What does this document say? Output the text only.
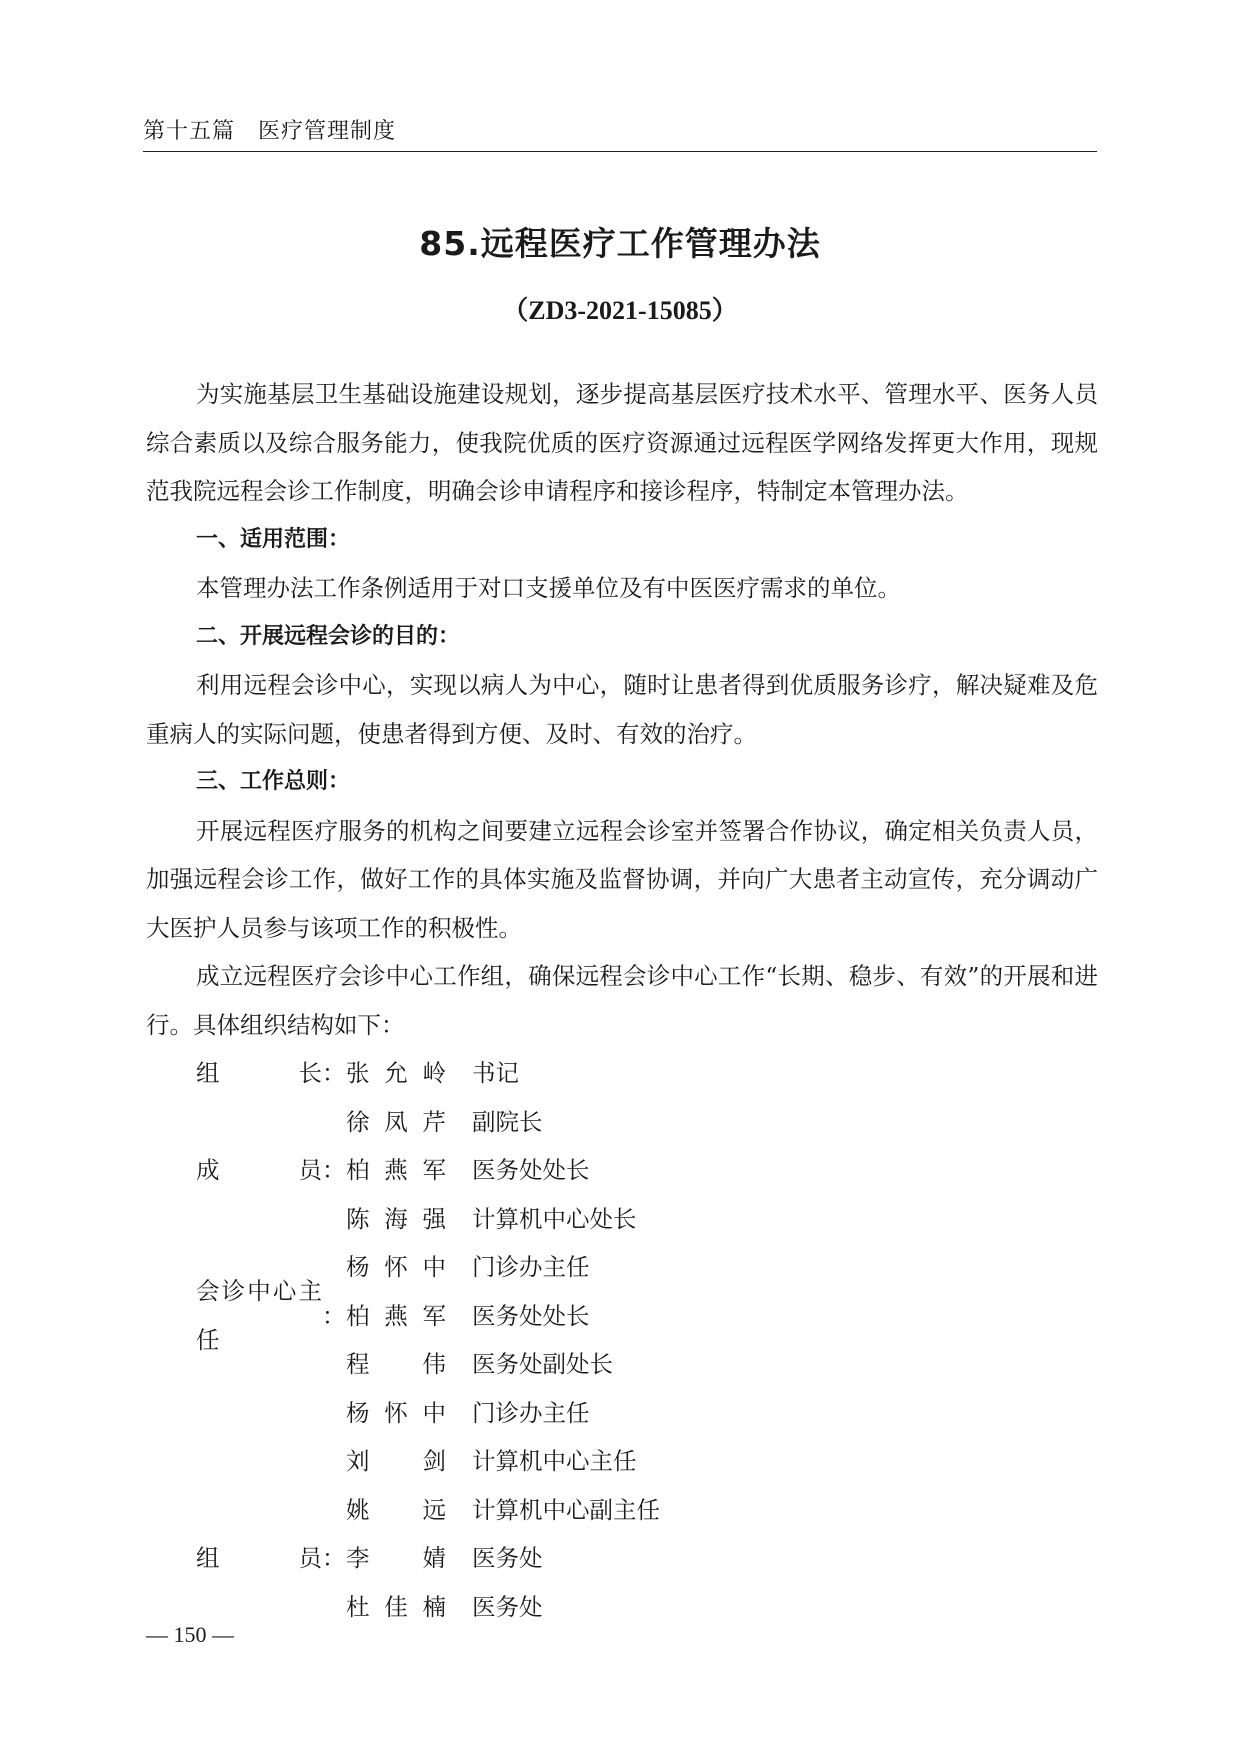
第十五篇　医疗管理制度
85.远程医疗工作管理办法
（ZD3-2021-15085）

为实施基层卫生基础设施建设规划，逐步提高基层医疗技术水平、管理水平、医务人员综合素质以及综合服务能力，使我院优质的医疗资源通过远程医学网络发挥更大作用，现规范我院远程会诊工作制度，明确会诊申请程序和接诊程序，特制定本管理办法。

一、适用范围：

本管理办法工作条例适用于对口支援单位及有中医医疗需求的单位。

二、开展远程会诊的目的：

利用远程会诊中心，实现以病人为中心，随时让患者得到优质服务诊疗，解决疑难及危重病人的实际问题，使患者得到方便、及时、有效的治疗。

三、工作总则：

开展远程医疗服务的机构之间要建立远程会诊室并签署合作协议，确定相关负责人员，加强远程会诊工作，做好工作的具体实施及监督协调，并向广大患者主动宣传，充分调动广大医护人员参与该项工作的积极性。

成立远程医疗会诊中心工作组，确保远程会诊中心工作“长期、稳步、有效”的开展和进行。具体组织结构如下：

组长 ： 张允岭 书记
徐凤芹 副院长
成员 ： 柏燕军 医务处处长
陈海强 计算机中心处长
杨怀中 门诊办主任
会诊中心主任
： 柏燕军 医务处处长
程伟 医务处副处长
杨怀中 门诊办主任
刘剑 计算机中心主任
姚远 计算机中心副主任
组员 ： 李婧 医务处
杜佳楠 医务处
— 150 —
